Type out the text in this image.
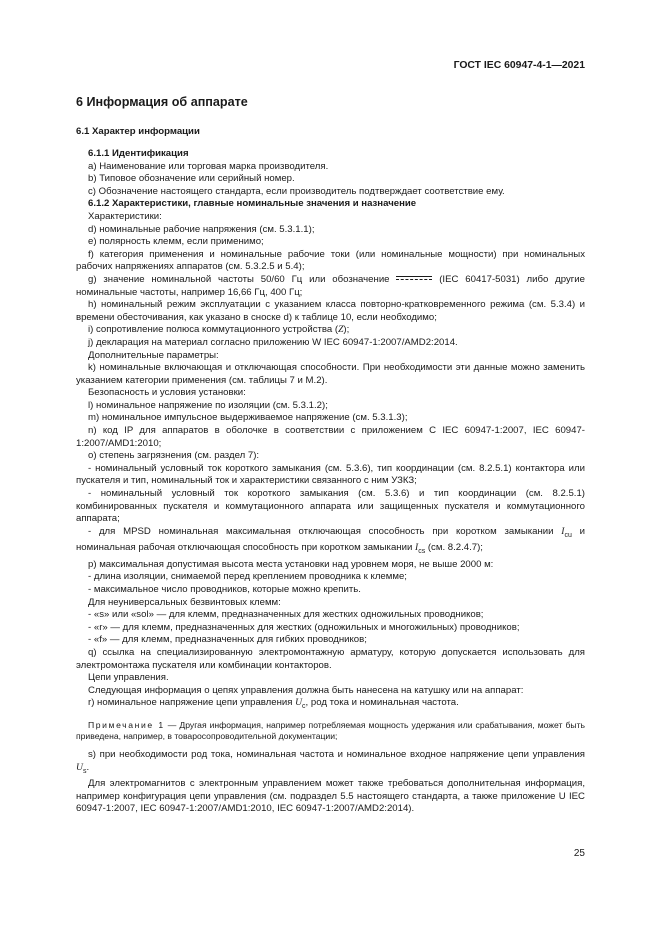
ГОСТ IEC 60947-4-1—2021
6 Информация об аппарате
6.1 Характер информации
6.1.1 Идентификация

a) Наименование или торговая марка производителя.

b) Типовое обозначение или серийный номер.

c) Обозначение настоящего стандарта, если производитель подтверждает соответствие ему.

6.1.2 Характеристики, главные номинальные значения и назначение

Характеристики:

d) номинальные рабочие напряжения (см. 5.3.1.1);

e) полярность клемм, если применимо;

f) категория применения и номинальные рабочие токи (или номинальные мощности) при номинальных рабочих напряжениях аппаратов (см. 5.3.2.5 и 5.4);

g) значение номинальной частоты 50/60 Гц или обозначение	(IEC 60417-5031) либо другие номинальные частоты, например 16,66 Гц, 400 Гц;

h) номинальный режим эксплуатации с указанием класса повторно-кратковременного режима (см. 5.3.4) и времени обесточивания, как указано в сноске d) к таблице 10, если необходимо;

i) сопротивление полюса коммутационного устройства (Z);

j) декларация на материал согласно приложению W IEC 60947-1:2007/AMD2:2014.

Дополнительные параметры:

k) номинальные включающая и отключающая способности. При необходимости эти данные можно заменить указанием категории применения (см. таблицы 7 и М.2).

Безопасность и условия установки:

l) номинальное напряжение по изоляции (см. 5.3.1.2);

m) номинальное импульсное выдерживаемое напряжение (см. 5.3.1.3);

n) код IP для аппаратов в оболочке в соответствии с приложением С IEC 60947-1:2007, IEC 60947-1:2007/AMD1:2010;

o) степень загрязнения (см. раздел 7):

- номинальный условный ток короткого замыкания (см. 5.3.6), тип координации (см. 8.2.5.1) контактора или пускателя и тип, номинальный ток и характеристики связанного с ним УЗКЗ;

- номинальный условный ток короткого замыкания (см. 5.3.6) и тип координации (см. 8.2.5.1) комбинированных пускателя и коммутационного аппарата или защищенных пускателя и коммутационного аппарата;

- для MPSD номинальная максимальная отключающая способность при коротком замыкании $I_{cu}$ и номинальная рабочая отключающая способность при коротком замыкании $I_{cs}$ (см. 8.2.4.7);

p) максимальная допустимая высота места установки над уровнем моря, не выше 2000 м:

- длина изоляции, снимаемой перед креплением проводника к клемме;

- максимальное число проводников, которые можно крепить.

Для неуниверсальных безвинтовых клемм:

- «s» или «sol» — для клемм, предназначенных для жестких одножильных проводников;

- «r» — для клемм, предназначенных для жестких (одножильных и многожильных) проводников;

- «f» — для клемм, предназначенных для гибких проводников;

q) ссылка на специализированную электромонтажную арматуру, которую допускается использовать для электромонтажа пускателя или комбинации контакторов.

Цепи управления.

Следующая информация о цепях управления должна быть нанесена на катушку или на аппарат:

r) номинальное напряжение цепи управления $U_c$, род тока и номинальная частота.

Примечание 1 — Другая информация, например потребляемая мощность удержания или срабатывания, может быть приведена, например, в товаросопроводительной документации;

s) при необходимости род тока, номинальная частота и номинальное входное напряжение цепи управления $U_s$.

Для электромагнитов с электронным управлением может также требоваться дополнительная информация, например конфигурация цепи управления (см. подраздел 5.5 настоящего стандарта, а также приложение U IEC 60947-1:2007, IEC 60947-1:2007/AMD1:2010, IEC 60947-1:2007/AMD2:2014).

25
